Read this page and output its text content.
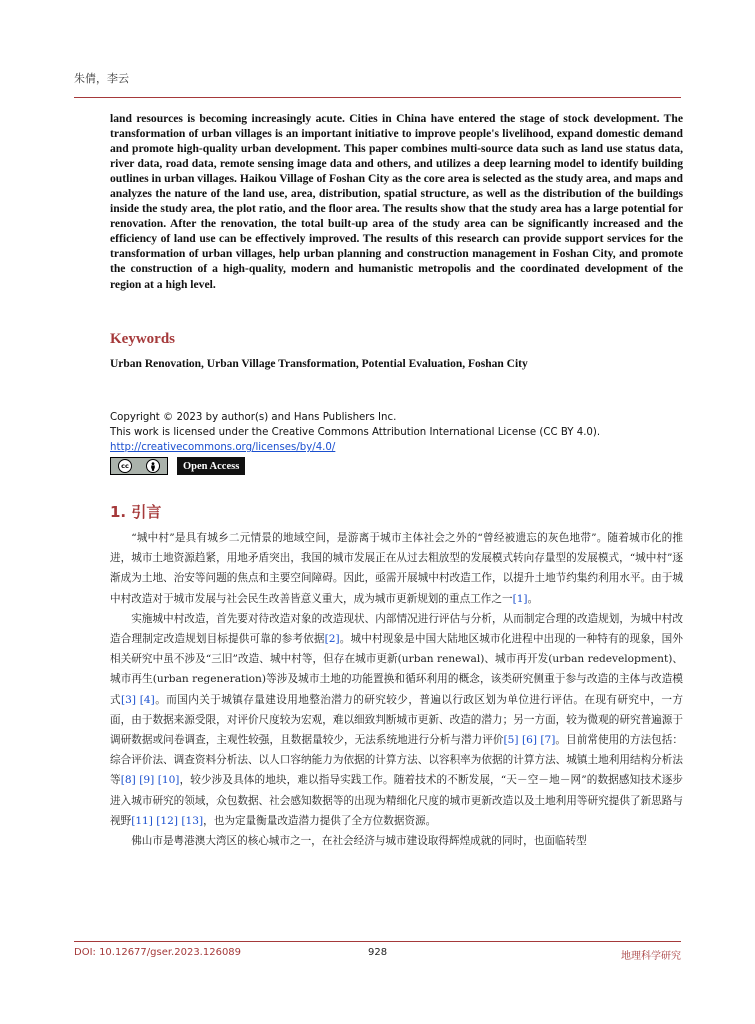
朱倩，李云
land resources is becoming increasingly acute. Cities in China have entered the stage of stock development. The transformation of urban villages is an important initiative to improve people's livelihood, expand domestic demand and promote high-quality urban development. This paper combines multi-source data such as land use status data, river data, road data, remote sensing image data and others, and utilizes a deep learning model to identify building outlines in urban villages. Haikou Village of Foshan City as the core area is selected as the study area, and maps and analyzes the nature of the land use, area, distribution, spatial structure, as well as the distribution of the buildings inside the study area, the plot ratio, and the floor area. The results show that the study area has a large potential for renovation. After the renovation, the total built-up area of the study area can be significantly increased and the efficiency of land use can be effectively improved. The results of this research can provide support services for the transformation of urban villages, help urban planning and construction management in Foshan City, and promote the construction of a high-quality, modern and humanistic metropolis and the coordinated development of the region at a high level.
Keywords
Urban Renovation, Urban Village Transformation, Potential Evaluation, Foshan City
Copyright © 2023 by author(s) and Hans Publishers Inc.
This work is licensed under the Creative Commons Attribution International License (CC BY 4.0).
http://creativecommons.org/licenses/by/4.0/
cc	Open Access
1. 引言

“城中村”是具有城乡二元情景的地域空间，是游离于城市主体社会之外的“曾经被遗忘的灰色地带”。随着城市化的推进，城市土地资源趋紧，用地矛盾突出，我国的城市发展正在从过去粗放型的发展模式转向存量型的发展模式，“城中村”逐渐成为土地、治安等问题的焦点和主要空间障碍。因此，亟需开展城中村改造工作，以提升土地节约集约利用水平。由于城中村改造对于城市发展与社会民生改善皆意义重大，成为城市更新规划的重点工作之一[1]。

实施城中村改造，首先要对待改造对象的改造现状、内部情况进行评估与分析，从而制定合理的改造规划，为城中村改造合理制定改造规划目标提供可靠的参考依据[2]。城中村现象是中国大陆地区城市化进程中出现的一种特有的现象，国外相关研究中虽不涉及“三旧”改造、城中村等，但存在城市更新(urban renewal)、城市再开发(urban redevelopment)、城市再生(urban regeneration)等涉及城市土地的功能置换和循环利用的概念，该类研究侧重于参与改造的主体与改造模式[3] [4]。而国内关于城镇存量建设用地整治潜力的研究较少，普遍以行政区划为单位进行评估。在现有研究中，一方面，由于数据来源受限，对评价尺度较为宏观，难以细致判断城市更新、改造的潜力；另一方面，较为微观的研究普遍源于调研数据或问卷调查，主观性较强，且数据量较少，无法系统地进行分析与潜力评价[5] [6] [7]。目前常使用的方法包括：综合评价法、调查资料分析法、以人口容纳能力为依据的计算方法、以容积率为依据的计算方法、城镇土地利用结构分析法等[8] [9] [10]，较少涉及具体的地块，难以指导实践工作。随着技术的不断发展，“天－空－地－网”的数据感知技术逐步进入城市研究的领域，众包数据、社会感知数据等的出现为精细化尺度的城市更新改造以及土地利用等研究提供了新思路与视野[11] [12] [13]，也为定量衡量改造潜力提供了全方位数据资源。

佛山市是粤港澳大湾区的核心城市之一，在社会经济与城市建设取得辉煌成就的同时，也面临转型

DOI: 10.12677/gser.2023.126089	928	地理科学研究
